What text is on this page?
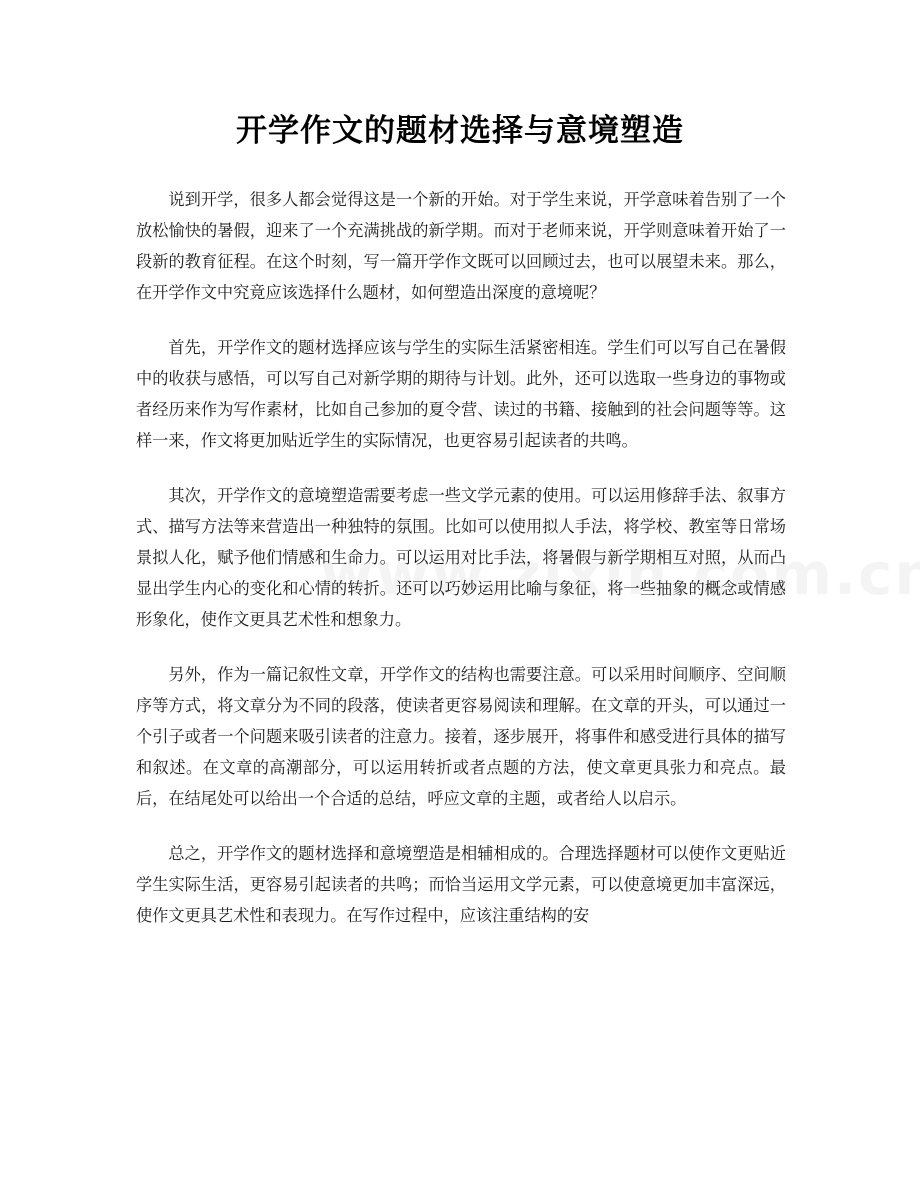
开学作文的题材选择与意境塑造

说到开学，很多人都会觉得这是一个新的开始。对于学生来说，开学意味着告别了一个放松愉快的暑假，迎来了一个充满挑战的新学期。而对于老师来说，开学则意味着开始了一段新的教育征程。在这个时刻，写一篇开学作文既可以回顾过去，也可以展望未来。那么，在开学作文中究竟应该选择什么题材，如何塑造出深度的意境呢？

首先，开学作文的题材选择应该与学生的实际生活紧密相连。学生们可以写自己在暑假中的收获与感悟，可以写自己对新学期的期待与计划。此外，还可以选取一些身边的事物或者经历来作为写作素材，比如自己参加的夏令营、读过的书籍、接触到的社会问题等等。这样一来，作文将更加贴近学生的实际情况，也更容易引起读者的共鸣。

其次，开学作文的意境塑造需要考虑一些文学元素的使用。可以运用修辞手法、叙事方式、描写方法等来营造出一种独特的氛围。比如可以使用拟人手法，将学校、教室等日常场景拟人化，赋予他们情感和生命力。可以运用对比手法，将暑假与新学期相互对照，从而凸显出学生内心的变化和心情的转折。还可以巧妙运用比喻与象征，将一些抽象的概念或情感形象化，使作文更具艺术性和想象力。

另外，作为一篇记叙性文章，开学作文的结构也需要注意。可以采用时间顺序、空间顺序等方式，将文章分为不同的段落，使读者更容易阅读和理解。在文章的开头，可以通过一个引子或者一个问题来吸引读者的注意力。接着，逐步展开，将事件和感受进行具体的描写和叙述。在文章的高潮部分，可以运用转折或者点题的方法，使文章更具张力和亮点。最后，在结尾处可以给出一个合适的总结，呼应文章的主题，或者给人以启示。

总之，开学作文的题材选择和意境塑造是相辅相成的。合理选择题材可以使作文更贴近学生实际生活，更容易引起读者的共鸣；而恰当运用文学元素，可以使意境更加丰富深远，使作文更具艺术性和表现力。在写作过程中，应该注重结构的安
